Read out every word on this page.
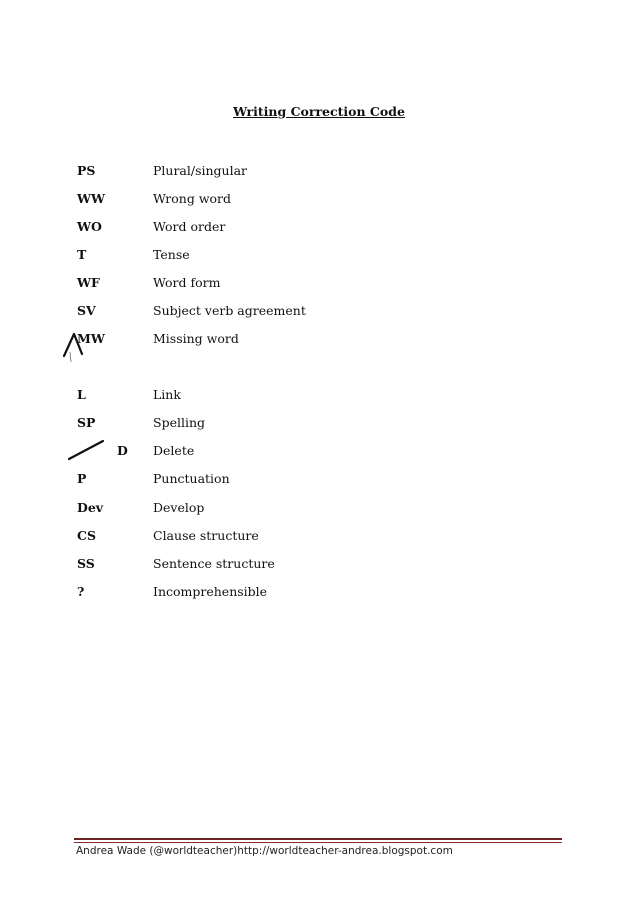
Writing Correction Code
PS	Plural/singular
WW	Wrong word
WO	Word order
T	Tense
WF	Word form
SV	Subject verb agreement
MW	Missing word
L	Link
SP	Spelling
D Delete
P	Punctuation
Dev	Develop
CS	Clause structure
SS	Sentence structure
?	Incomprehensible
Andrea Wade (@worldteacher)http://worldteacher-andrea.blogspot.com
